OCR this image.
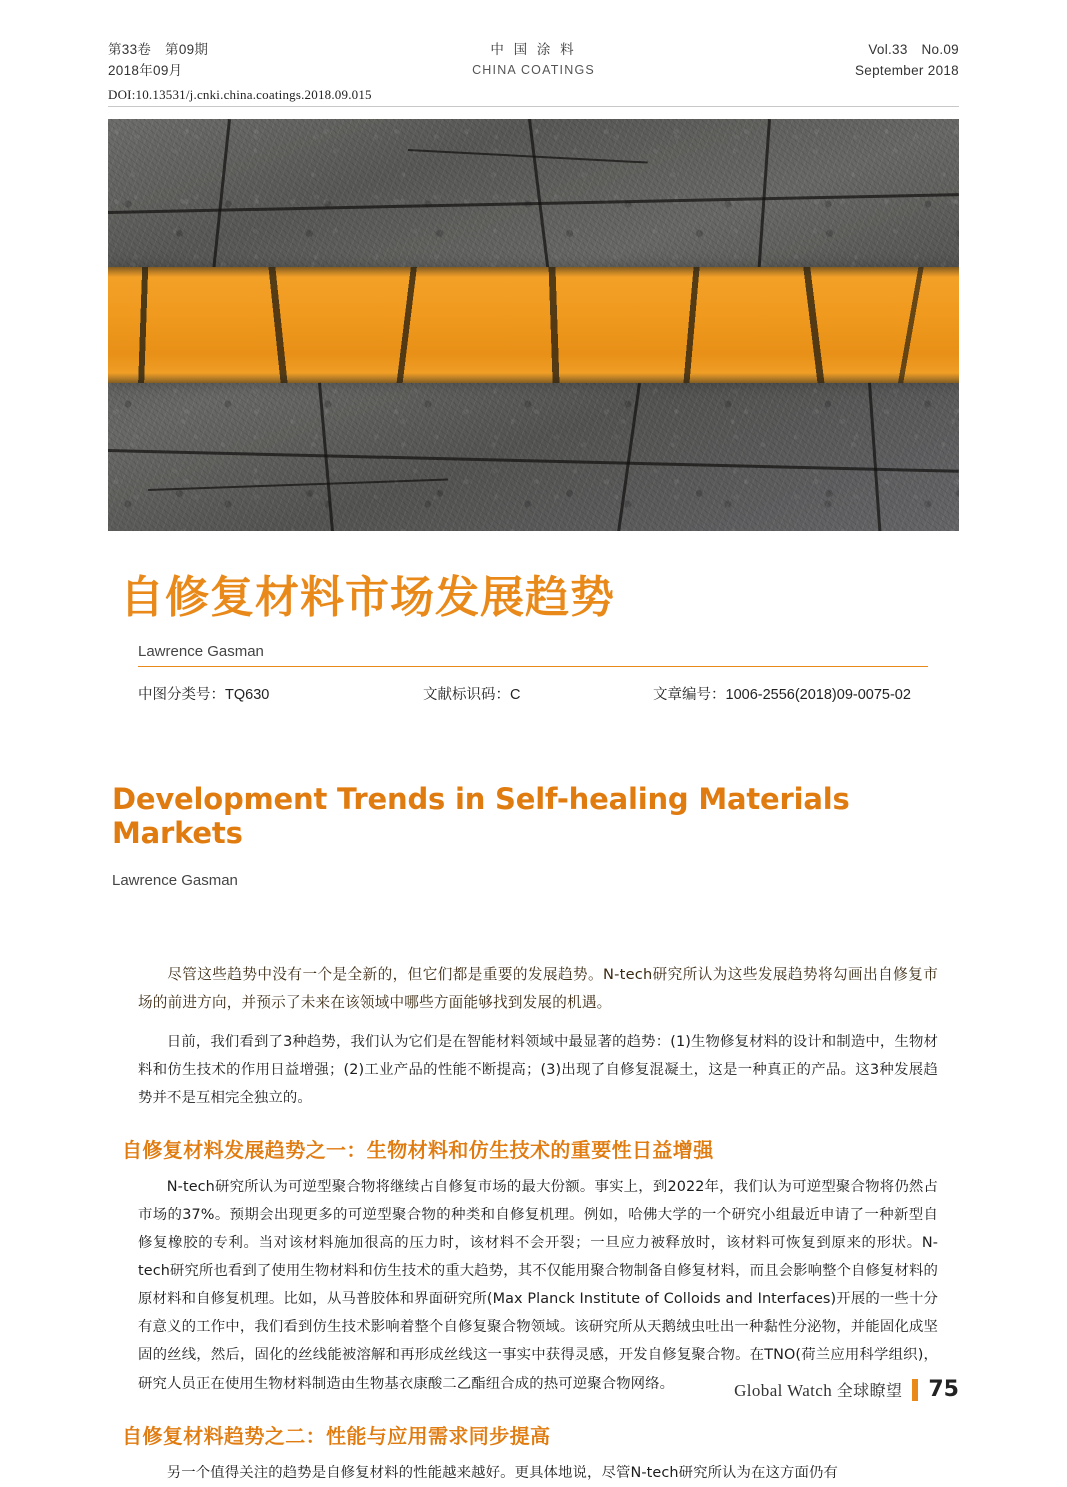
第33卷　第09期
2018年09月
中 国 涂 料
CHINA COATINGS
Vol.33　No.09
September 2018
DOI:10.13531/j.cnki.china.coatings.2018.09.015
自修复材料市场发展趋势
Lawrence Gasman
中图分类号：TQ630	文献标识码：C	文章编号：1006-2556(2018)09-0075-02
Development Trends in Self-healing Materials Markets
Lawrence Gasman
尽管这些趋势中没有一个是全新的，但它们都是重要的发展趋势。N-tech研究所认为这些发展趋势将勾画出自修复市场的前进方向，并预示了未来在该领域中哪些方面能够找到发展的机遇。

日前，我们看到了3种趋势，我们认为它们是在智能材料领域中最显著的趋势：(1)生物修复材料的设计和制造中，生物材料和仿生技术的作用日益增强；(2)工业产品的性能不断提高；(3)出现了自修复混凝土，这是一种真正的产品。这3种发展趋势并不是互相完全独立的。

自修复材料发展趋势之一：生物材料和仿生技术的重要性日益增强

N-tech研究所认为可逆型聚合物将继续占自修复市场的最大份额。事实上，到2022年，我们认为可逆型聚合物将仍然占市场的37%。预期会出现更多的可逆型聚合物的种类和自修复机理。例如，哈佛大学的一个研究小组最近申请了一种新型自修复橡胶的专利。当对该材料施加很高的压力时，该材料不会开裂；一旦应力被释放时，该材料可恢复到原来的形状。N-tech研究所也看到了使用生物材料和仿生技术的重大趋势，其不仅能用聚合物制备自修复材料，而且会影响整个自修复材料的原材料和自修复机理。比如，从马普胶体和界面研究所(Max Planck Institute of Colloids and Interfaces)开展的一些十分有意义的工作中，我们看到仿生技术影响着整个自修复聚合物领域。该研究所从天鹅绒虫吐出一种黏性分泌物，并能固化成坚固的丝线，然后，固化的丝线能被溶解和再形成丝线这一事实中获得灵感，开发自修复聚合物。在TNO(荷兰应用科学组织)，研究人员正在使用生物材料制造由生物基衣康酸二乙酯纽合成的热可逆聚合物网络。

自修复材料趋势之二：性能与应用需求同步提高

另一个值得关注的趋势是自修复材料的性能越来越好。更具体地说，尽管N-tech研究所认为在这方面仍有

Global Watch 全球瞭望 75
